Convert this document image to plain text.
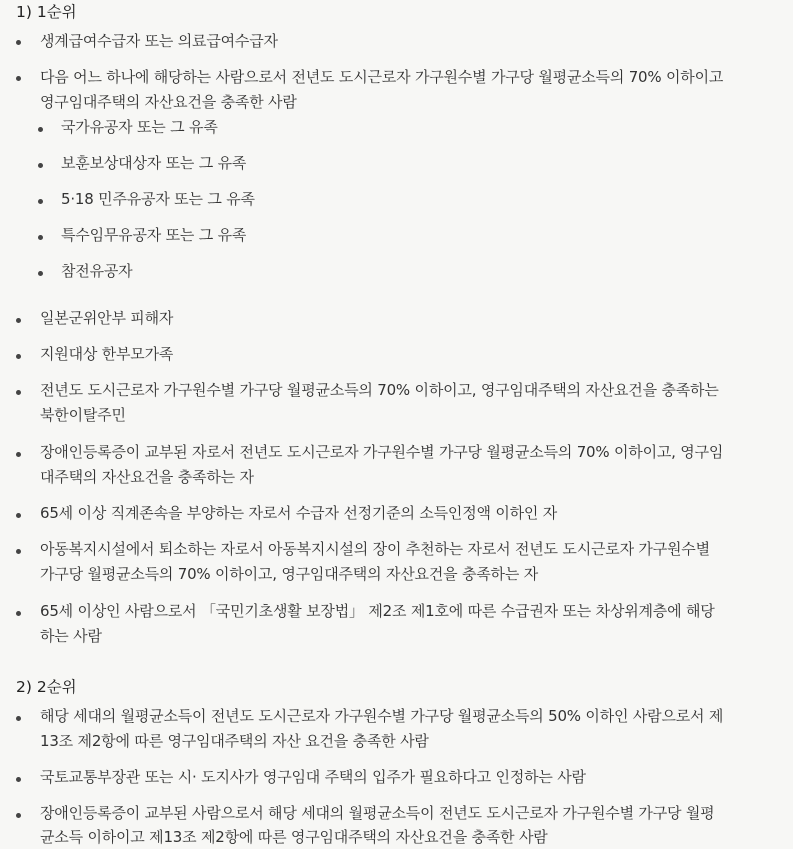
1) 1순위
생계급여수급자 또는 의료급여수급자
다음 어느 하나에 해당하는 사람으로서 전년도 도시근로자 가구원수별 가구당 월평균소득의 70% 이하이고
영구임대주택의 자산요건을 충족한 사람
국가유공자 또는 그 유족
보훈보상대상자 또는 그 유족
5·18 민주유공자 또는 그 유족
특수임무유공자 또는 그 유족
참전유공자
일본군위안부 피해자
지원대상 한부모가족
전년도 도시근로자 가구원수별 가구당 월평균소득의 70% 이하이고, 영구임대주택의 자산요건을 충족하는
북한이탈주민
장애인등록증이 교부된 자로서 전년도 도시근로자 가구원수별 가구당 월평균소득의 70% 이하이고, 영구임
대주택의 자산요건을 충족하는 자
65세 이상 직계존속을 부양하는 자로서 수급자 선정기준의 소득인정액 이하인 자
아동복지시설에서 퇴소하는 자로서 아동복지시설의 장이 추천하는 자로서 전년도 도시근로자 가구원수별
가구당 월평균소득의 70% 이하이고, 영구임대주택의 자산요건을 충족하는 자
65세 이상인 사람으로서 「국민기초생활 보장법」 제2조 제1호에 따른 수급권자 또는 차상위계층에 해당
하는 사람
2) 2순위
해당 세대의 월평균소득이 전년도 도시근로자 가구원수별 가구당 월평균소득의 50% 이하인 사람으로서 제
13조 제2항에 따른 영구임대주택의 자산 요건을 충족한 사람
국토교통부장관 또는 시· 도지사가 영구임대 주택의 입주가 필요하다고 인정하는 사람
장애인등록증이 교부된 사람으로서 해당 세대의 월평균소득이 전년도 도시근로자 가구원수별 가구당 월평
균소득 이하이고 제13조 제2항에 따른 영구임대주택의 자산요건을 충족한 사람
